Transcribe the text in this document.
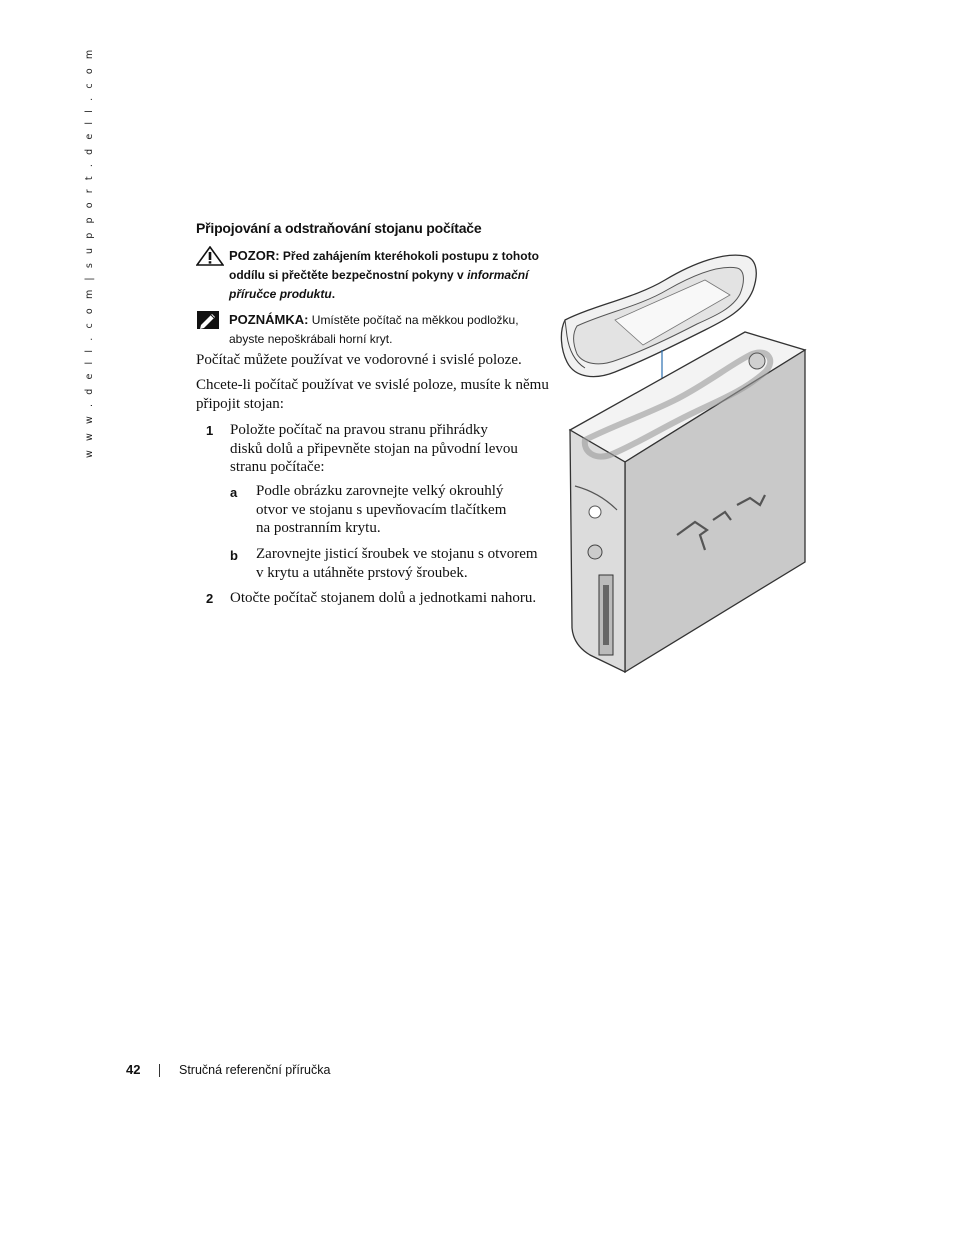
w w w . d e l l . c o m | s u p p o r t . d e l l . c o m	Připojování a odstraňování stojanu počítače
POZOR: Před zahájením kteréhokoli postupu z tohoto
oddílu si přečtěte bezpečnostní pokyny v informační
příručce produktu.
POZNÁMKA: Umístěte počítač na měkkou podložku,
abyste nepoškrábali horní kryt.

Počítač můžete používat ve vodorovné i svislé poloze.

Chcete-li počítač používat ve svislé poloze, musíte k němu
připojit stojan:
1 Položte počítač na pravou stranu přihrádky
disků dolů a připevněte stojan na původní levou
stranu počítače:
a Podle obrázku zarovnejte velký okrouhlý
otvor ve stojanu s upevňovacím tlačítkem
na postranním krytu.
b Zarovnejte jisticí šroubek ve stojanu s otvorem
v krytu a utáhněte prstový šroubek.
2 Otočte počítač stojanem dolů a jednotkami nahoru.
42	Stručná referenční příručka
